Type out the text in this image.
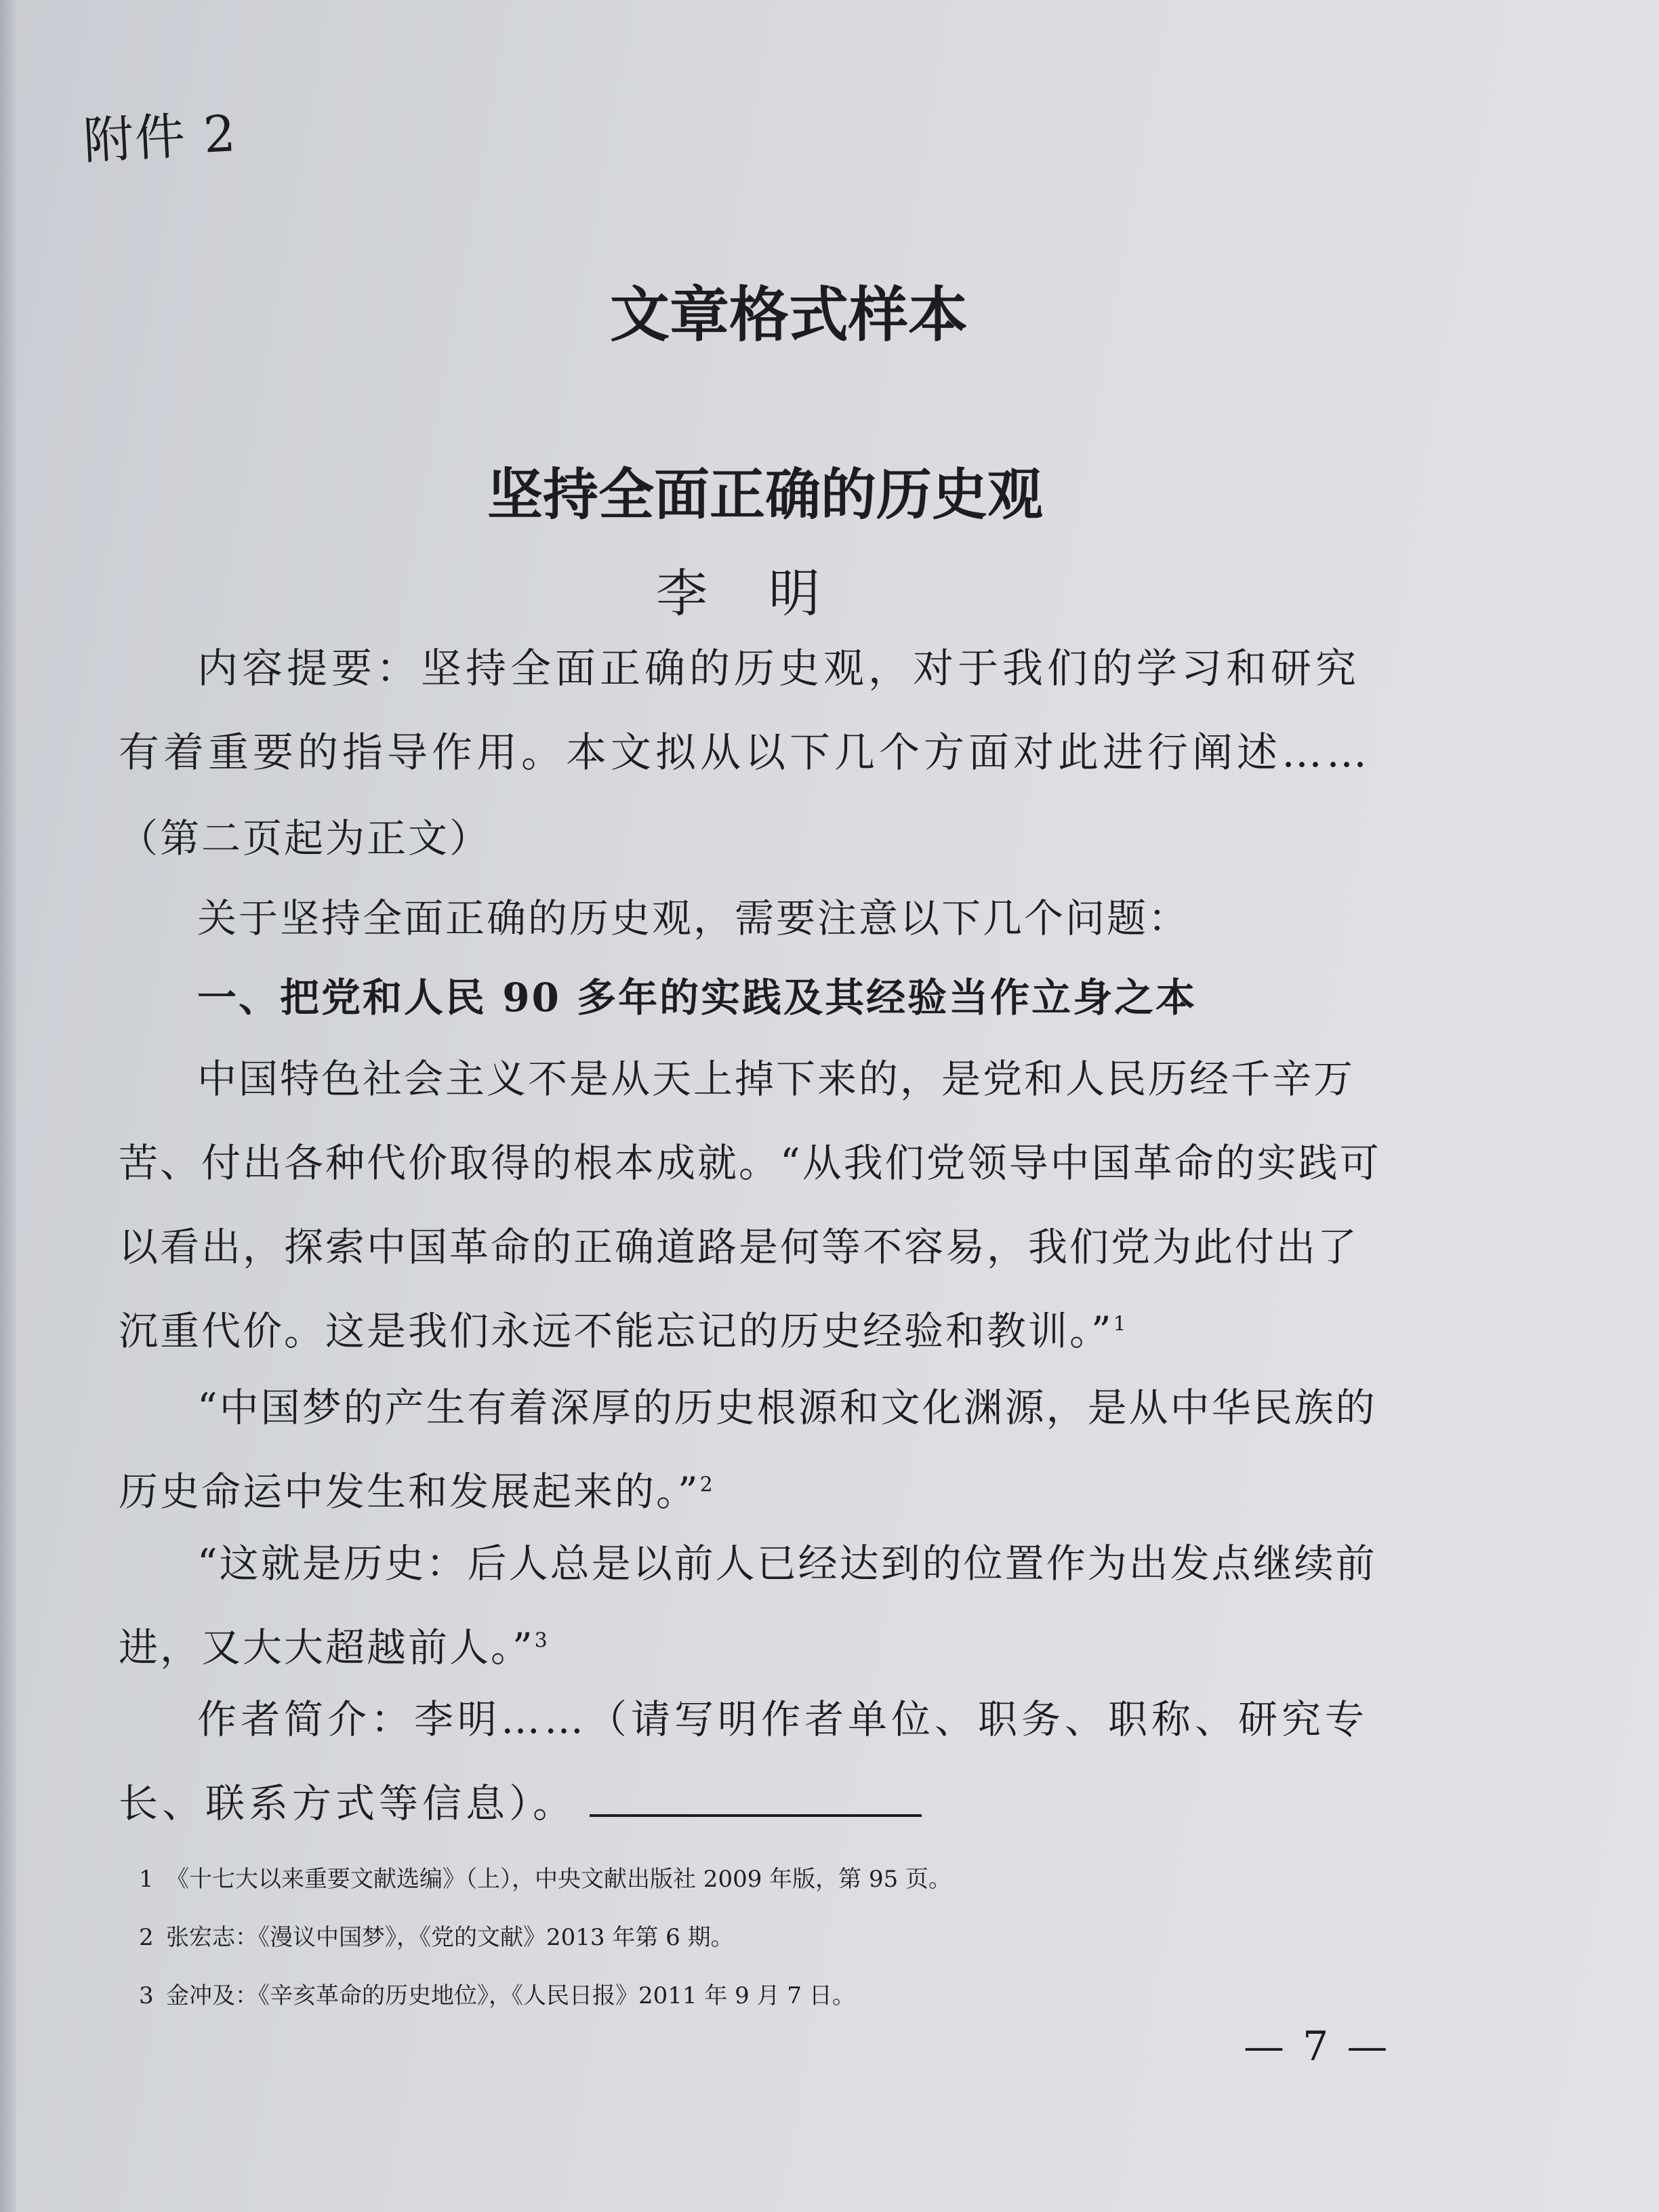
附件 2
文章格式样本
坚持全面正确的历史观
李明
内容提要：坚持全面正确的历史观，对于我们的学习和研究有着重要的指导作用。本文拟从以下几个方面对此进行阐述……
（第二页起为正文）
关于坚持全面正确的历史观，需要注意以下几个问题：
一、把党和人民 90 多年的实践及其经验当作立身之本
中国特色社会主义不是从天上掉下来的，是党和人民历经千辛万苦、付出各种代价取得的根本成就。“从我们党领导中国革命的实践可以看出，探索中国革命的正确道路是何等不容易，我们党为此付出了沉重代价。这是我们永远不能忘记的历史经验和教训。”$^1$
“中国梦的产生有着深厚的历史根源和文化渊源，是从中华民族的历史命运中发生和发展起来的。”$^2$
“这就是历史：后人总是以前人已经达到的位置作为出发点继续前进，又大大超越前人。”$^3$
作者简介：李明……（请写明作者单位、职务、职称、研究专长、联系方式等信息）。
1 《十七大以来重要文献选编》（上），中央文献出版社 2009 年版，第 95 页。
2 张宏志：《漫议中国梦》，《党的文献》2013 年第 6 期。
3 金冲及：《辛亥革命的历史地位》，《人民日报》2011 年 9 月 7 日。
— 7 —
